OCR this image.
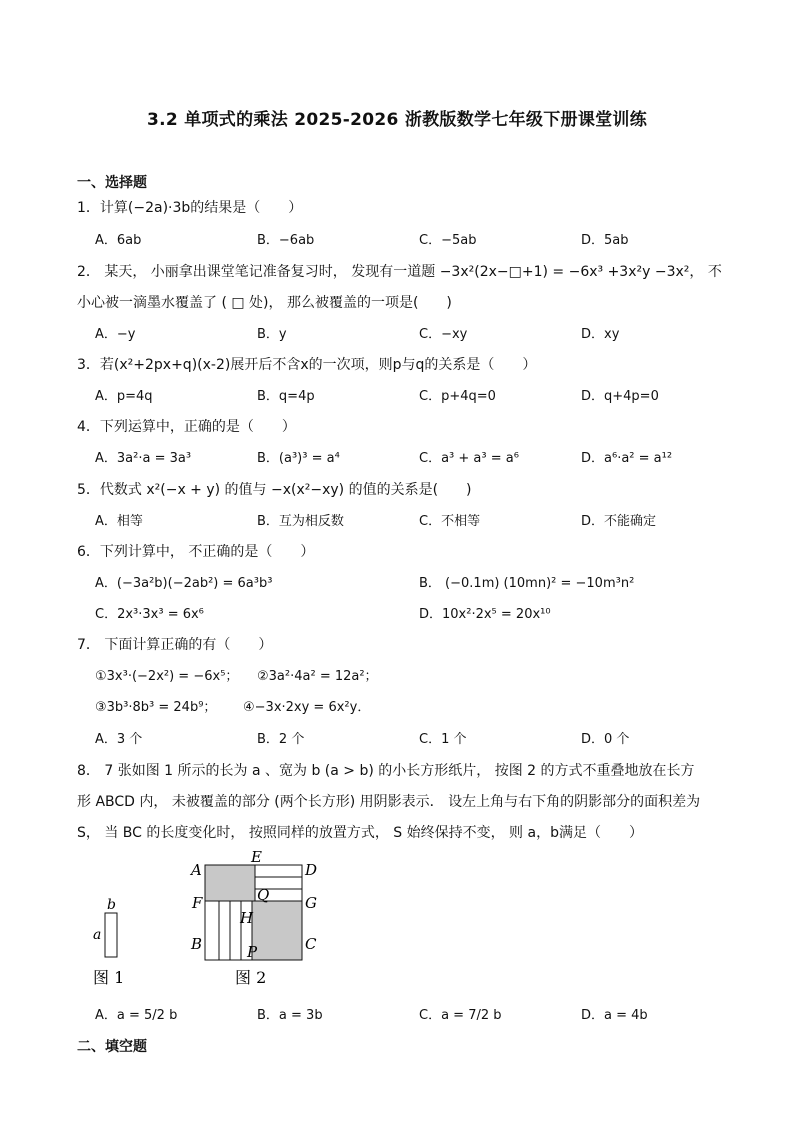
3.2 单项式的乘法 2025-2026 浙教版数学七年级下册课堂训练
一、选择题
1．计算(−2a)·3b的结果是（　　）
A．6ab	B．−6ab	C．−5ab	D．5ab
2． 某天， 小丽拿出课堂笔记准备复习时， 发现有一道题 −3x²(2x−□+1) = −6x³ +3x²y −3x²， 不
小心被一滴墨水覆盖了 ( □ 处)， 那么被覆盖的一项是(　　)
A．−y	B．y	C．−xy	D．xy
3．若(x²+2px+q)(x-2)展开后不含x的一次项，则p与q的关系是（　　）
A．p=4q	B．q=4p	C．p+4q=0	D．q+4p=0
4．下列运算中，正确的是（　　）
A．3a²·a = 3a³	B．(a³)³ = a⁴	C．a³ + a³ = a⁶	D．a⁶·a² = a¹²
5．代数式 x²(−x + y) 的值与 −x(x²−xy) 的值的关系是(　　)
A．相等	B．互为相反数	C．不相等	D．不能确定
6．下列计算中， 不正确的是（　　）
A．(−3a²b)(−2ab²) = 6a³b³	B． (−0.1m) (10mn)² = −10m³n²
C．2x³·3x³ = 6x⁶	D．10x²·2x⁵ = 20x¹⁰
7． 下面计算正确的有（　　）
①3x³·(−2x²) = −6x⁵； ②3a²·4a² = 12a²；
③3b³·8b³ = 24b⁹； ④−3x·2xy = 6x²y．
A．3 个	B．2 个	C．1 个	D．0 个
8． 7 张如图 1 所示的长为 a 、宽为 b (a > b) 的小长方形纸片， 按图 2 的方式不重叠地放在长方
形 ABCD 内， 未被覆盖的部分 (两个长方形) 用阴影表示． 设左上角与右下角的阴影部分的面积差为
S， 当 BC 的长度变化时， 按照同样的放置方式， S 始终保持不变， 则 a，b满足（　　）
b
a
图 1
A
E
D
F	Q G
H
B	P	C
图 2
A．a = 5/2 b	B．a = 3b	C．a = 7/2 b	D．a = 4b
二、填空题
